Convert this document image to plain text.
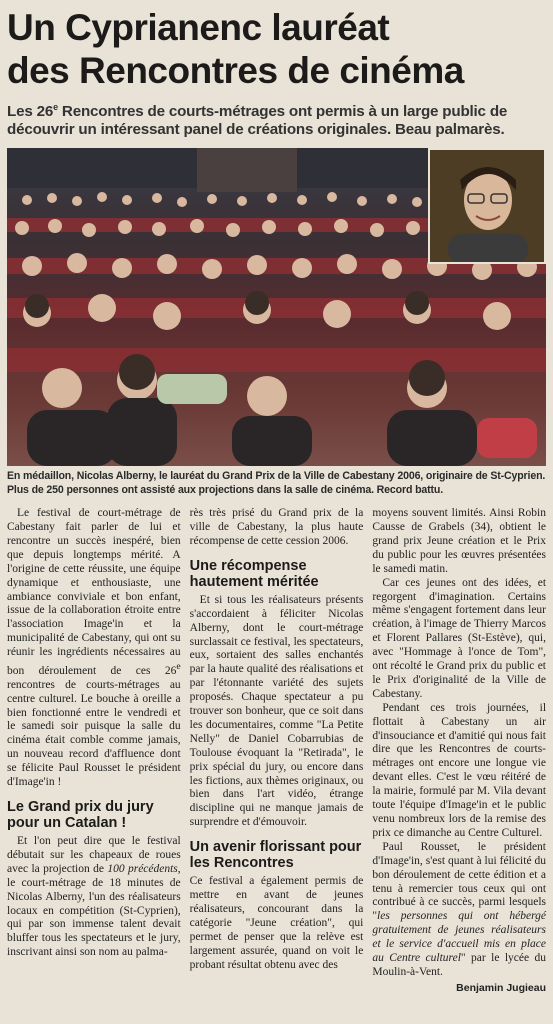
Un Cyprianenc lauréat
des Rencontres de cinéma
Les 26e Rencontres de courts-métrages ont permis à un large public de découvrir un intéressant panel de créations originales. Beau palmarès.
En médaillon, Nicolas Alberny, le lauréat du Grand Prix de la Ville de Cabestany 2006, originaire de St-Cyprien. Plus de 250 personnes ont assisté aux projections dans la salle de cinéma. Record battu.

Le festival de court-métrage de Cabestany fait parler de lui et rencontre un succès inespéré, bien que depuis longtemps mérité. A l'origine de cette réussite, une équipe dynamique et enthousiaste, une ambiance conviviale et bon enfant, issue de la collaboration étroite entre l'association Image'in et la municipalité de Cabestany, qui ont su réunir les ingrédients nécessaires au bon déroulement de ces 26e rencontres de courts-métrages au centre culturel. Le bouche à oreille a bien fonctionné entre le vendredi et le samedi soir puisque la salle du cinéma était comble comme jamais, un nouveau record d'affluence dont se félicite Paul Rousset le président d'Image'in !

Le Grand prix du jury pour un Catalan !

Et l'on peut dire que le festival débutait sur les chapeaux de roues avec la projection de 100 précédents, le court-métrage de 18 minutes de Nicolas Alberny, l'un des réalisateurs locaux en compétition (St-Cyprien), qui par son immense talent devait bluffer tous les spectateurs et le jury, inscrivant ainsi son nom au palma-

rès très prisé du Grand prix de la ville de Cabestany, la plus haute récompense de cette cession 2006.

Une récompense hautement méritée

Et si tous les réalisateurs présents s'accordaient à féliciter Nicolas Alberny, dont le court-métrage surclassait ce festival, les spectateurs, eux, sortaient des salles enchantés par la haute qualité des réalisations et par l'étonnante variété des sujets proposés. Chaque spectateur a pu trouver son bonheur, que ce soit dans les documentaires, comme "La Petite Nelly" de Daniel Cobarrubias de Toulouse évoquant la "Retirada", le prix spécial du jury, ou encore dans les fictions, aux thèmes originaux, ou bien dans l'art vidéo, étrange discipline qui ne manque jamais de surprendre et d'émouvoir.

Un avenir florissant pour les Rencontres

Ce festival a également permis de mettre en avant de jeunes réalisateurs, concourant dans la catégorie "Jeune création", qui permet de penser que la relève est largement assurée, quand on voit le probant résultat obtenu avec des

moyens souvent limités. Ainsi Robin Causse de Grabels (34), obtient le grand prix Jeune création et le Prix du public pour les œuvres présentées le samedi matin.

Car ces jeunes ont des idées, et regorgent d'imagination. Certains même s'engagent fortement dans leur création, à l'image de Thierry Marcos et Florent Pallares (St-Estève), qui, avec "Hommage à l'once de Tom", ont récolté le Grand prix du public et le Prix d'originalité de la Ville de Cabestany.

Pendant ces trois journées, il flottait à Cabestany un air d'insouciance et d'amitié qui nous fait dire que les Rencontres de courts-métrages ont encore une longue vie devant elles. C'est le vœu réitéré de la mairie, formulé par M. Vila devant toute l'équipe d'Image'in et le public venu nombreux lors de la remise des prix ce dimanche au Centre Culturel.

Paul Rousset, le président d'Image'in, s'est quant à lui félicité du bon déroulement de cette édition et a tenu à remercier tous ceux qui ont contribué à ce succès, parmi lesquels "les personnes qui ont hébergé gratuitement de jeunes réalisateurs et le service d'accueil mis en place au Centre culturel" par le lycée du Moulin-à-Vent.

Benjamin Jugieau
